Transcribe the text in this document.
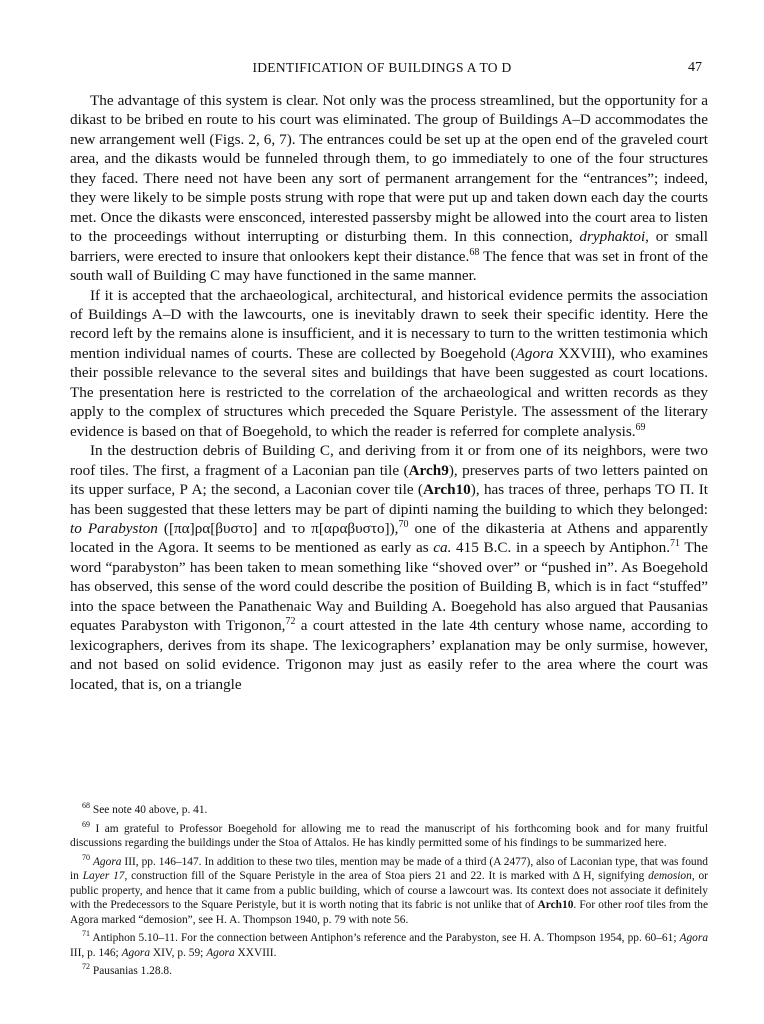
IDENTIFICATION OF BUILDINGS A TO D	47

The advantage of this system is clear. Not only was the process streamlined, but the opportunity for a dikast to be bribed en route to his court was eliminated. The group of Buildings A–D accommodates the new arrangement well (Figs. 2, 6, 7). The entrances could be set up at the open end of the graveled court area, and the dikasts would be funneled through them, to go immediately to one of the four structures they faced. There need not have been any sort of permanent arrangement for the “entrances”; indeed, they were likely to be simple posts strung with rope that were put up and taken down each day the courts met. Once the dikasts were ensconced, interested passersby might be allowed into the court area to listen to the proceedings without interrupting or disturbing them. In this connection, dryphaktoi, or small barriers, were erected to insure that onlookers kept their distance.$^{68}$ The fence that was set in front of the south wall of Building C may have functioned in the same manner.

If it is accepted that the archaeological, architectural, and historical evidence permits the association of Buildings A–D with the lawcourts, one is inevitably drawn to seek their specific identity. Here the record left by the remains alone is insufficient, and it is necessary to turn to the written testimonia which mention individual names of courts. These are collected by Boegehold (Agora XXVIII), who examines their possible relevance to the several sites and buildings that have been suggested as court locations. The presentation here is restricted to the correlation of the archaeological and written records as they apply to the complex of structures which preceded the Square Peristyle. The assessment of the literary evidence is based on that of Boegehold, to which the reader is referred for complete analysis.$^{69}$

In the destruction debris of Building C, and deriving from it or from one of its neighbors, were two roof tiles. The first, a fragment of a Laconian pan tile (Arch9), preserves parts of two letters painted on its upper surface, Ρ Α; the second, a Laconian cover tile (Arch10), has traces of three, perhaps ΤΟ Π. It has been suggested that these letters may be part of dipinti naming the building to which they belonged: to Parabyston ([πα]ρα[βυστο] and το π[αραβυστο]),$^{70}$ one of the dikasteria at Athens and apparently located in the Agora. It seems to be mentioned as early as ca. 415 B.C. in a speech by Antiphon.$^{71}$ The word “parabyston” has been taken to mean something like “shoved over” or “pushed in”. As Boegehold has observed, this sense of the word could describe the position of Building B, which is in fact “stuffed” into the space between the Panathenaic Way and Building A. Boegehold has also argued that Pausanias equates Parabyston with Trigonon,$^{72}$ a court attested in the late 4th century whose name, according to lexicographers, derives from its shape. The lexicographers’ explanation may be only surmise, however, and not based on solid evidence. Trigonon may just as easily refer to the area where the court was located, that is, on a triangle

$^{68}$ See note 40 above, p. 41.

$^{69}$ I am grateful to Professor Boegehold for allowing me to read the manuscript of his forthcoming book and for many fruitful discussions regarding the buildings under the Stoa of Attalos. He has kindly permitted some of his findings to be summarized here.

$^{70}$ Agora III, pp. 146–147. In addition to these two tiles, mention may be made of a third (A 2477), also of Laconian type, that was found in Layer 17, construction fill of the Square Peristyle in the area of Stoa piers 21 and 22. It is marked with Δ Η, signifying demosion, or public property, and hence that it came from a public building, which of course a lawcourt was. Its context does not associate it definitely with the Predecessors to the Square Peristyle, but it is worth noting that its fabric is not unlike that of Arch10. For other roof tiles from the Agora marked “demosion”, see H. A. Thompson 1940, p. 79 with note 56.

$^{71}$ Antiphon 5.10–11. For the connection between Antiphon’s reference and the Parabyston, see H. A. Thompson 1954, pp. 60–61; Agora III, p. 146; Agora XIV, p. 59; Agora XXVIII.

$^{72}$ Pausanias 1.28.8.
